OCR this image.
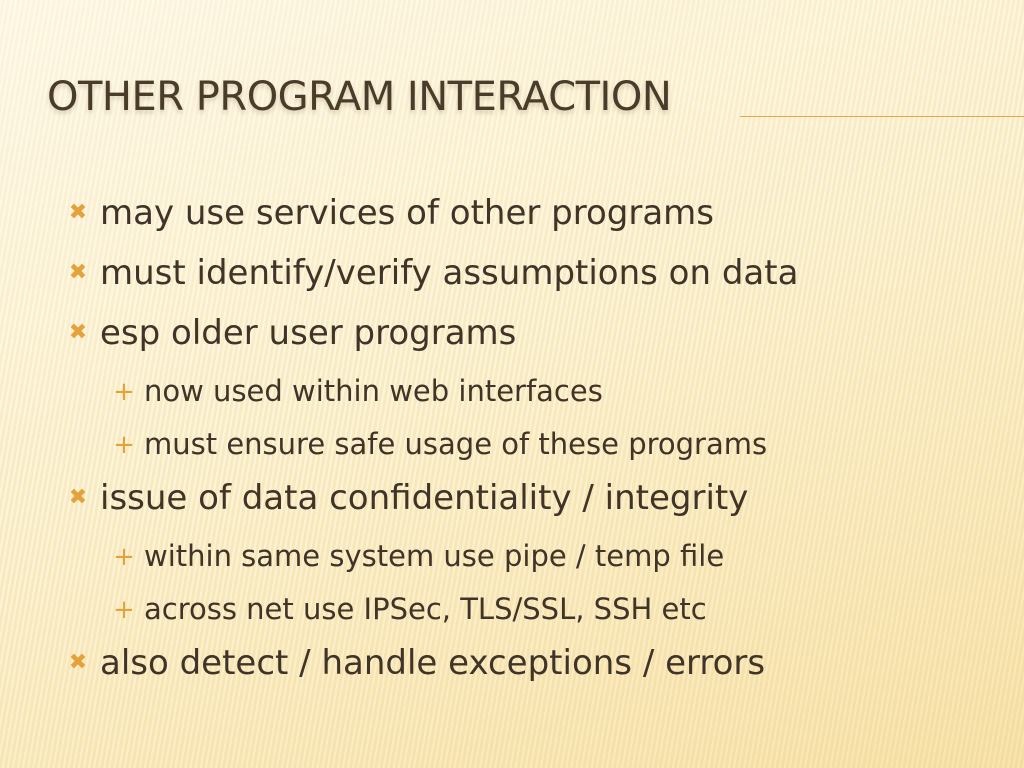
OTHER PROGRAM INTERACTION
✖ may use services of other programs
✖ must identify/verify assumptions on data
✖ esp older user programs
+ now used within web interfaces
+ must ensure safe usage of these programs
✖ issue of data confidentiality / integrity
+ within same system use pipe / temp file
+ across net use IPSec, TLS/SSL, SSH etc
✖ also detect / handle exceptions / errors
